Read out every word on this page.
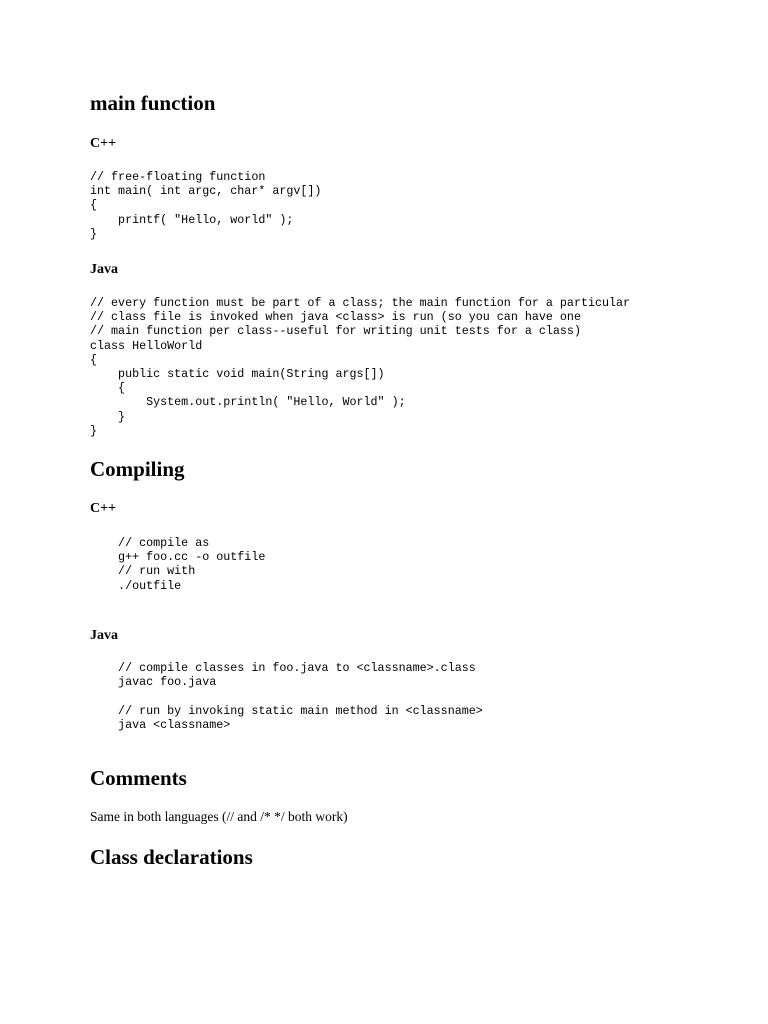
main function
C++
// free-floating function
int main( int argc, char* argv[])
{
printf( "Hello, world" );
}
Java
// every function must be part of a class; the main function for a particular
// class file is invoked when java <class> is run (so you can have one
// main function per class--useful for writing unit tests for a class)
class HelloWorld
{
public static void main(String args[])
{
System.out.println( "Hello, World" );
}
}
Compiling
C++
// compile as
g++ foo.cc -o outfile
// run with
./outfile
Java
// compile classes in foo.java to <classname>.class
javac foo.java

// run by invoking static main method in <classname>
java <classname>
Comments

Same in both languages (// and /* */ both work)

Class declarations
